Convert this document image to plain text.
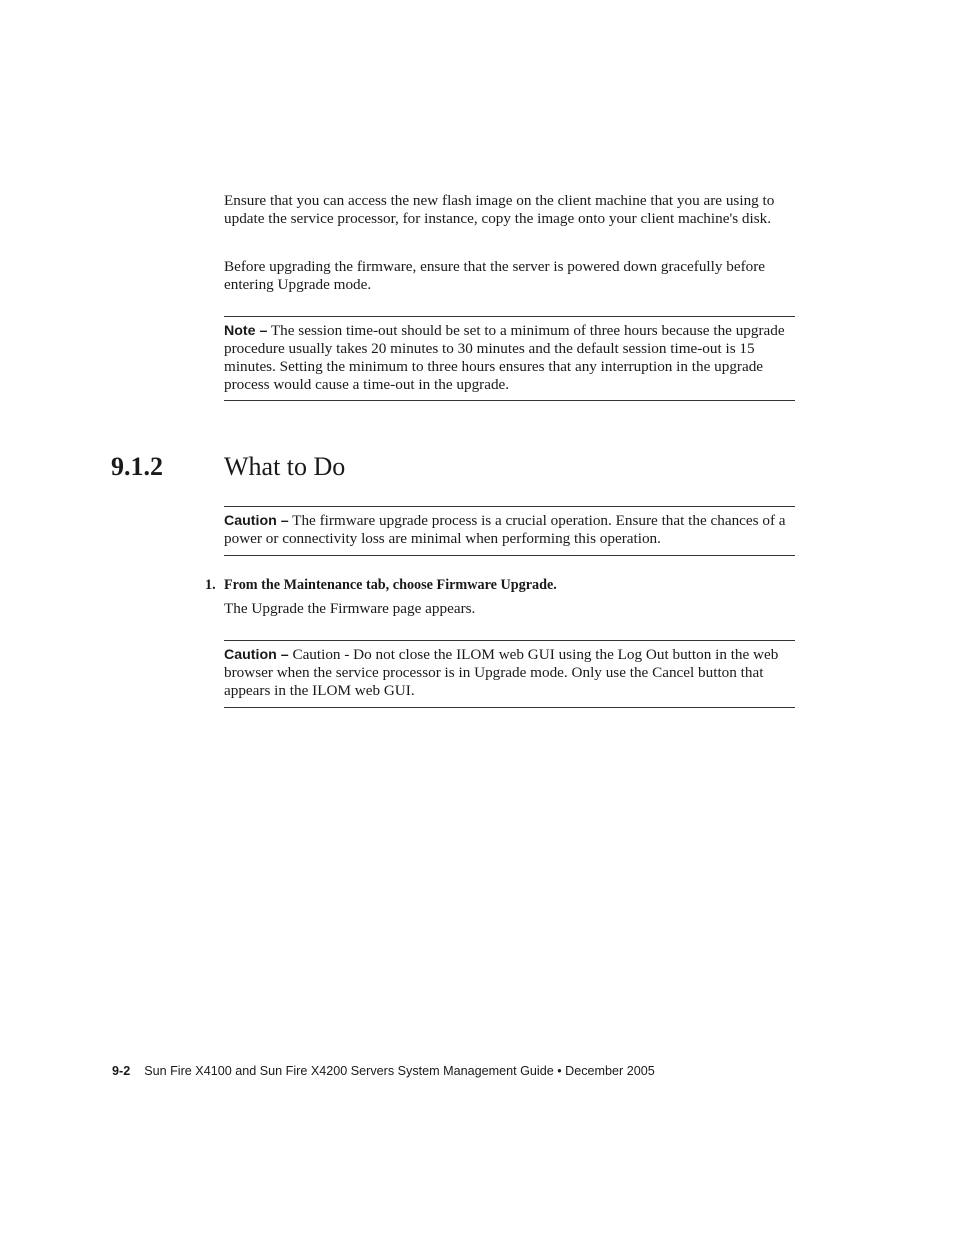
Ensure that you can access the new flash image on the client machine that you are using to update the service processor, for instance, copy the image onto your client machine's disk.

Before upgrading the firmware, ensure that the server is powered down gracefully before entering Upgrade mode.

Note – The session time-out should be set to a minimum of three hours because the upgrade procedure usually takes 20 minutes to 30 minutes and the default session time-out is 15 minutes. Setting the minimum to three hours ensures that any interruption in the upgrade process would cause a time-out in the upgrade.

9.1.2 What to Do

Caution – The firmware upgrade process is a crucial operation. Ensure that the chances of a power or connectivity loss are minimal when performing this operation.

1. From the Maintenance tab, choose Firmware Upgrade.

The Upgrade the Firmware page appears.

Caution – Caution - Do not close the ILOM web GUI using the Log Out button in the web browser when the service processor is in Upgrade mode. Only use the Cancel button that appears in the ILOM web GUI.

9-2 Sun Fire X4100 and Sun Fire X4200 Servers System Management Guide • December 2005
